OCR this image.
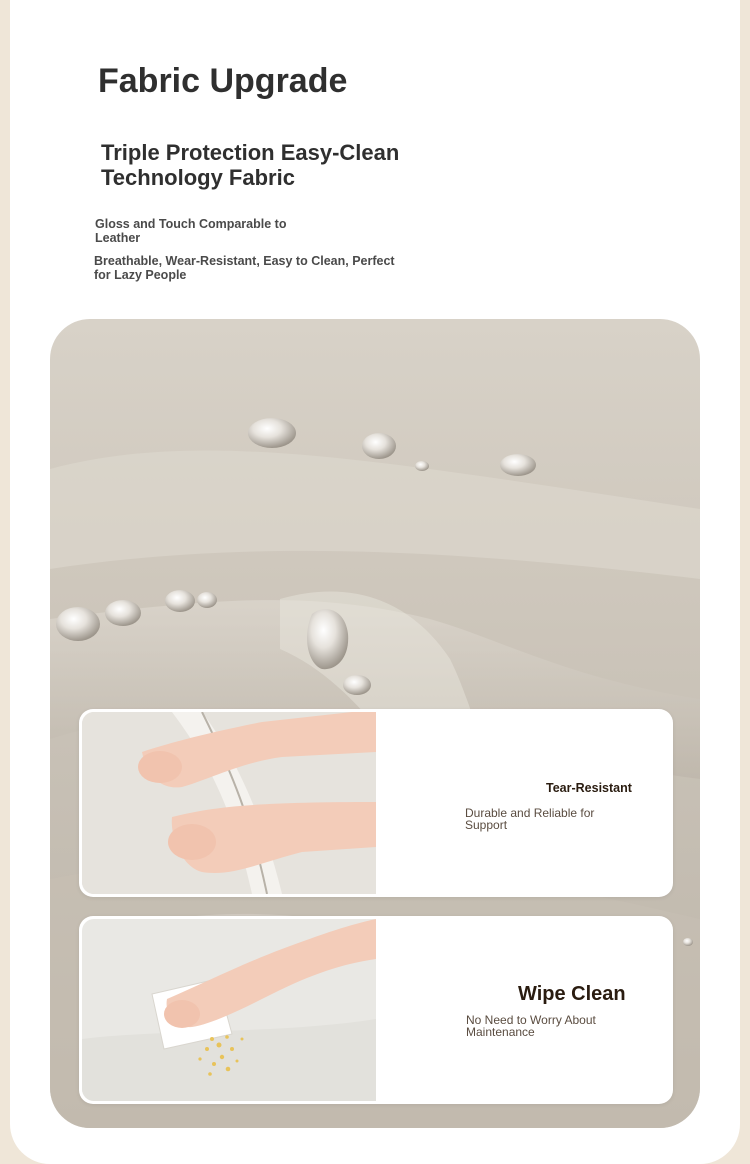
Fabric Upgrade
Triple Protection Easy-Clean Technology Fabric
Gloss and Touch Comparable to Leather
Breathable, Wear-Resistant, Easy to Clean, Perfect for Lazy People
Tear-Resistant
Durable and Reliable for Support
Wipe Clean
No Need to Worry About Maintenance
